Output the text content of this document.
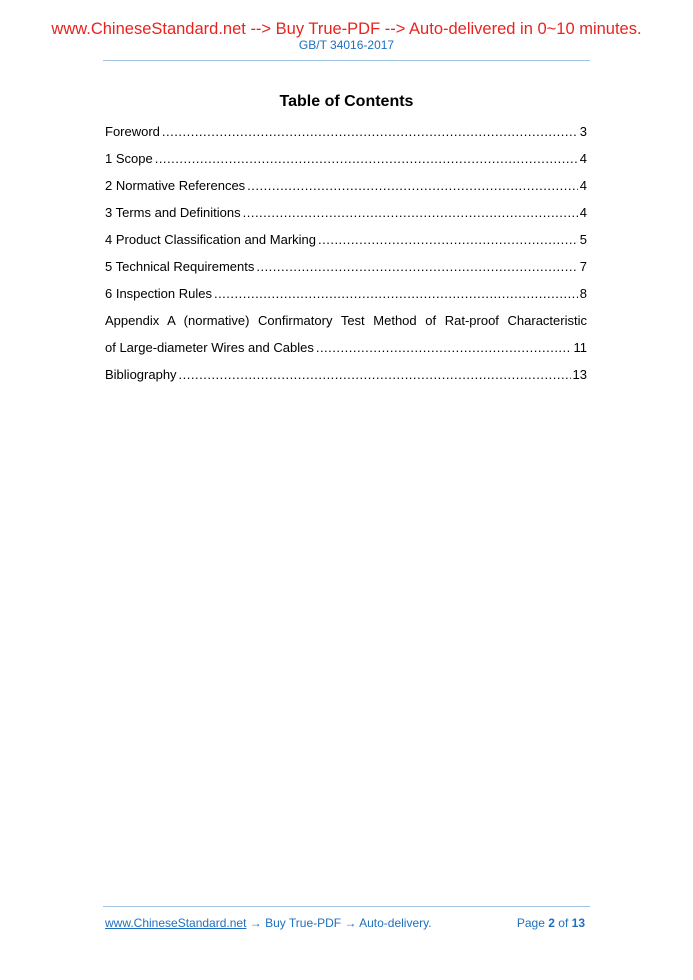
www.ChineseStandard.net --> Buy True-PDF --> Auto-delivered in 0~10 minutes.
GB/T 34016-2017
Table of Contents
Foreword .....	3
1 Scope .....	4
2 Normative References .....	4
3 Terms and Definitions .....	4
4 Product Classification and Marking .....	5
5 Technical Requirements .....	7
6 Inspection Rules .....	8
Appendix A (normative) Confirmatory Test Method of Rat-proof Characteristic
of Large-diameter Wires and Cables .....	11
Bibliography .....	13
www.ChineseStandard.net → Buy True-PDF → Auto-delivery.	Page 2 of 13
